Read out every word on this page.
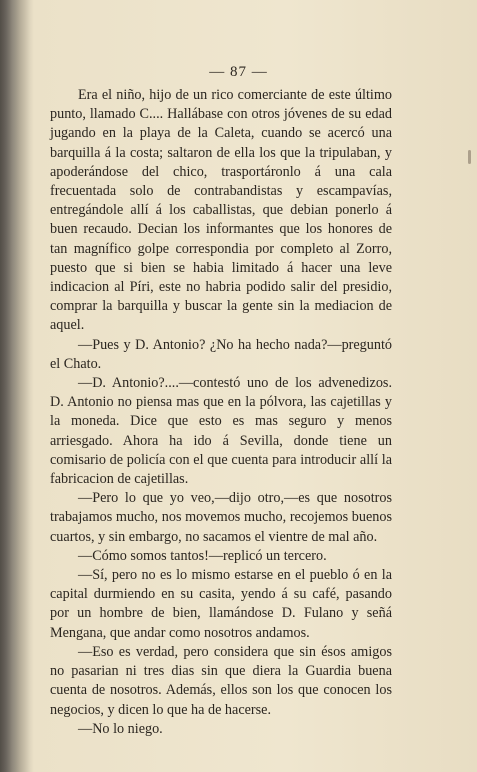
— 87 —

Era el niño, hijo de un rico comerciante de este último punto, llamado C.... Hallábase con otros jóvenes de su edad jugando en la playa de la Caleta, cuando se acercó una barquilla á la costa; saltaron de ella los que la tripulaban, y apoderándose del chico, trasportáronlo á una cala frecuentada solo de contrabandistas y escampavías, entregándole allí á los caballistas, que debian ponerlo á buen recaudo. Decian los informantes que los honores de tan magnífico golpe correspondia por completo al Zorro, puesto que si bien se habia limitado á hacer una leve indicacion al Píri, este no habria podido salir del presidio, comprar la barquilla y buscar la gente sin la mediacion de aquel.

—Pues y D. Antonio? ¿No ha hecho nada?—preguntó el Chato.

—D. Antonio?....—contestó uno de los advenedizos. D. Antonio no piensa mas que en la pólvora, las cajetillas y la moneda. Dice que esto es mas seguro y menos arriesgado. Ahora ha ido á Sevilla, donde tiene un comisario de policía con el que cuenta para introducir allí la fabricacion de cajetillas.

—Pero lo que yo veo,—dijo otro,—es que nosotros trabajamos mucho, nos movemos mucho, recojemos buenos cuartos, y sin embargo, no sacamos el vientre de mal año.

—Cómo somos tantos!—replicó un tercero.

—Sí, pero no es lo mismo estarse en el pueblo ó en la capital durmiendo en su casita, yendo á su café, pasando por un hombre de bien, llamándose D. Fulano y señá Mengana, que andar como nosotros andamos.

—Eso es verdad, pero considera que sin ésos amigos no pasarian ni tres dias sin que diera la Guardia buena cuenta de nosotros. Además, ellos son los que conocen los negocios, y dicen lo que ha de hacerse.

—No lo niego.
